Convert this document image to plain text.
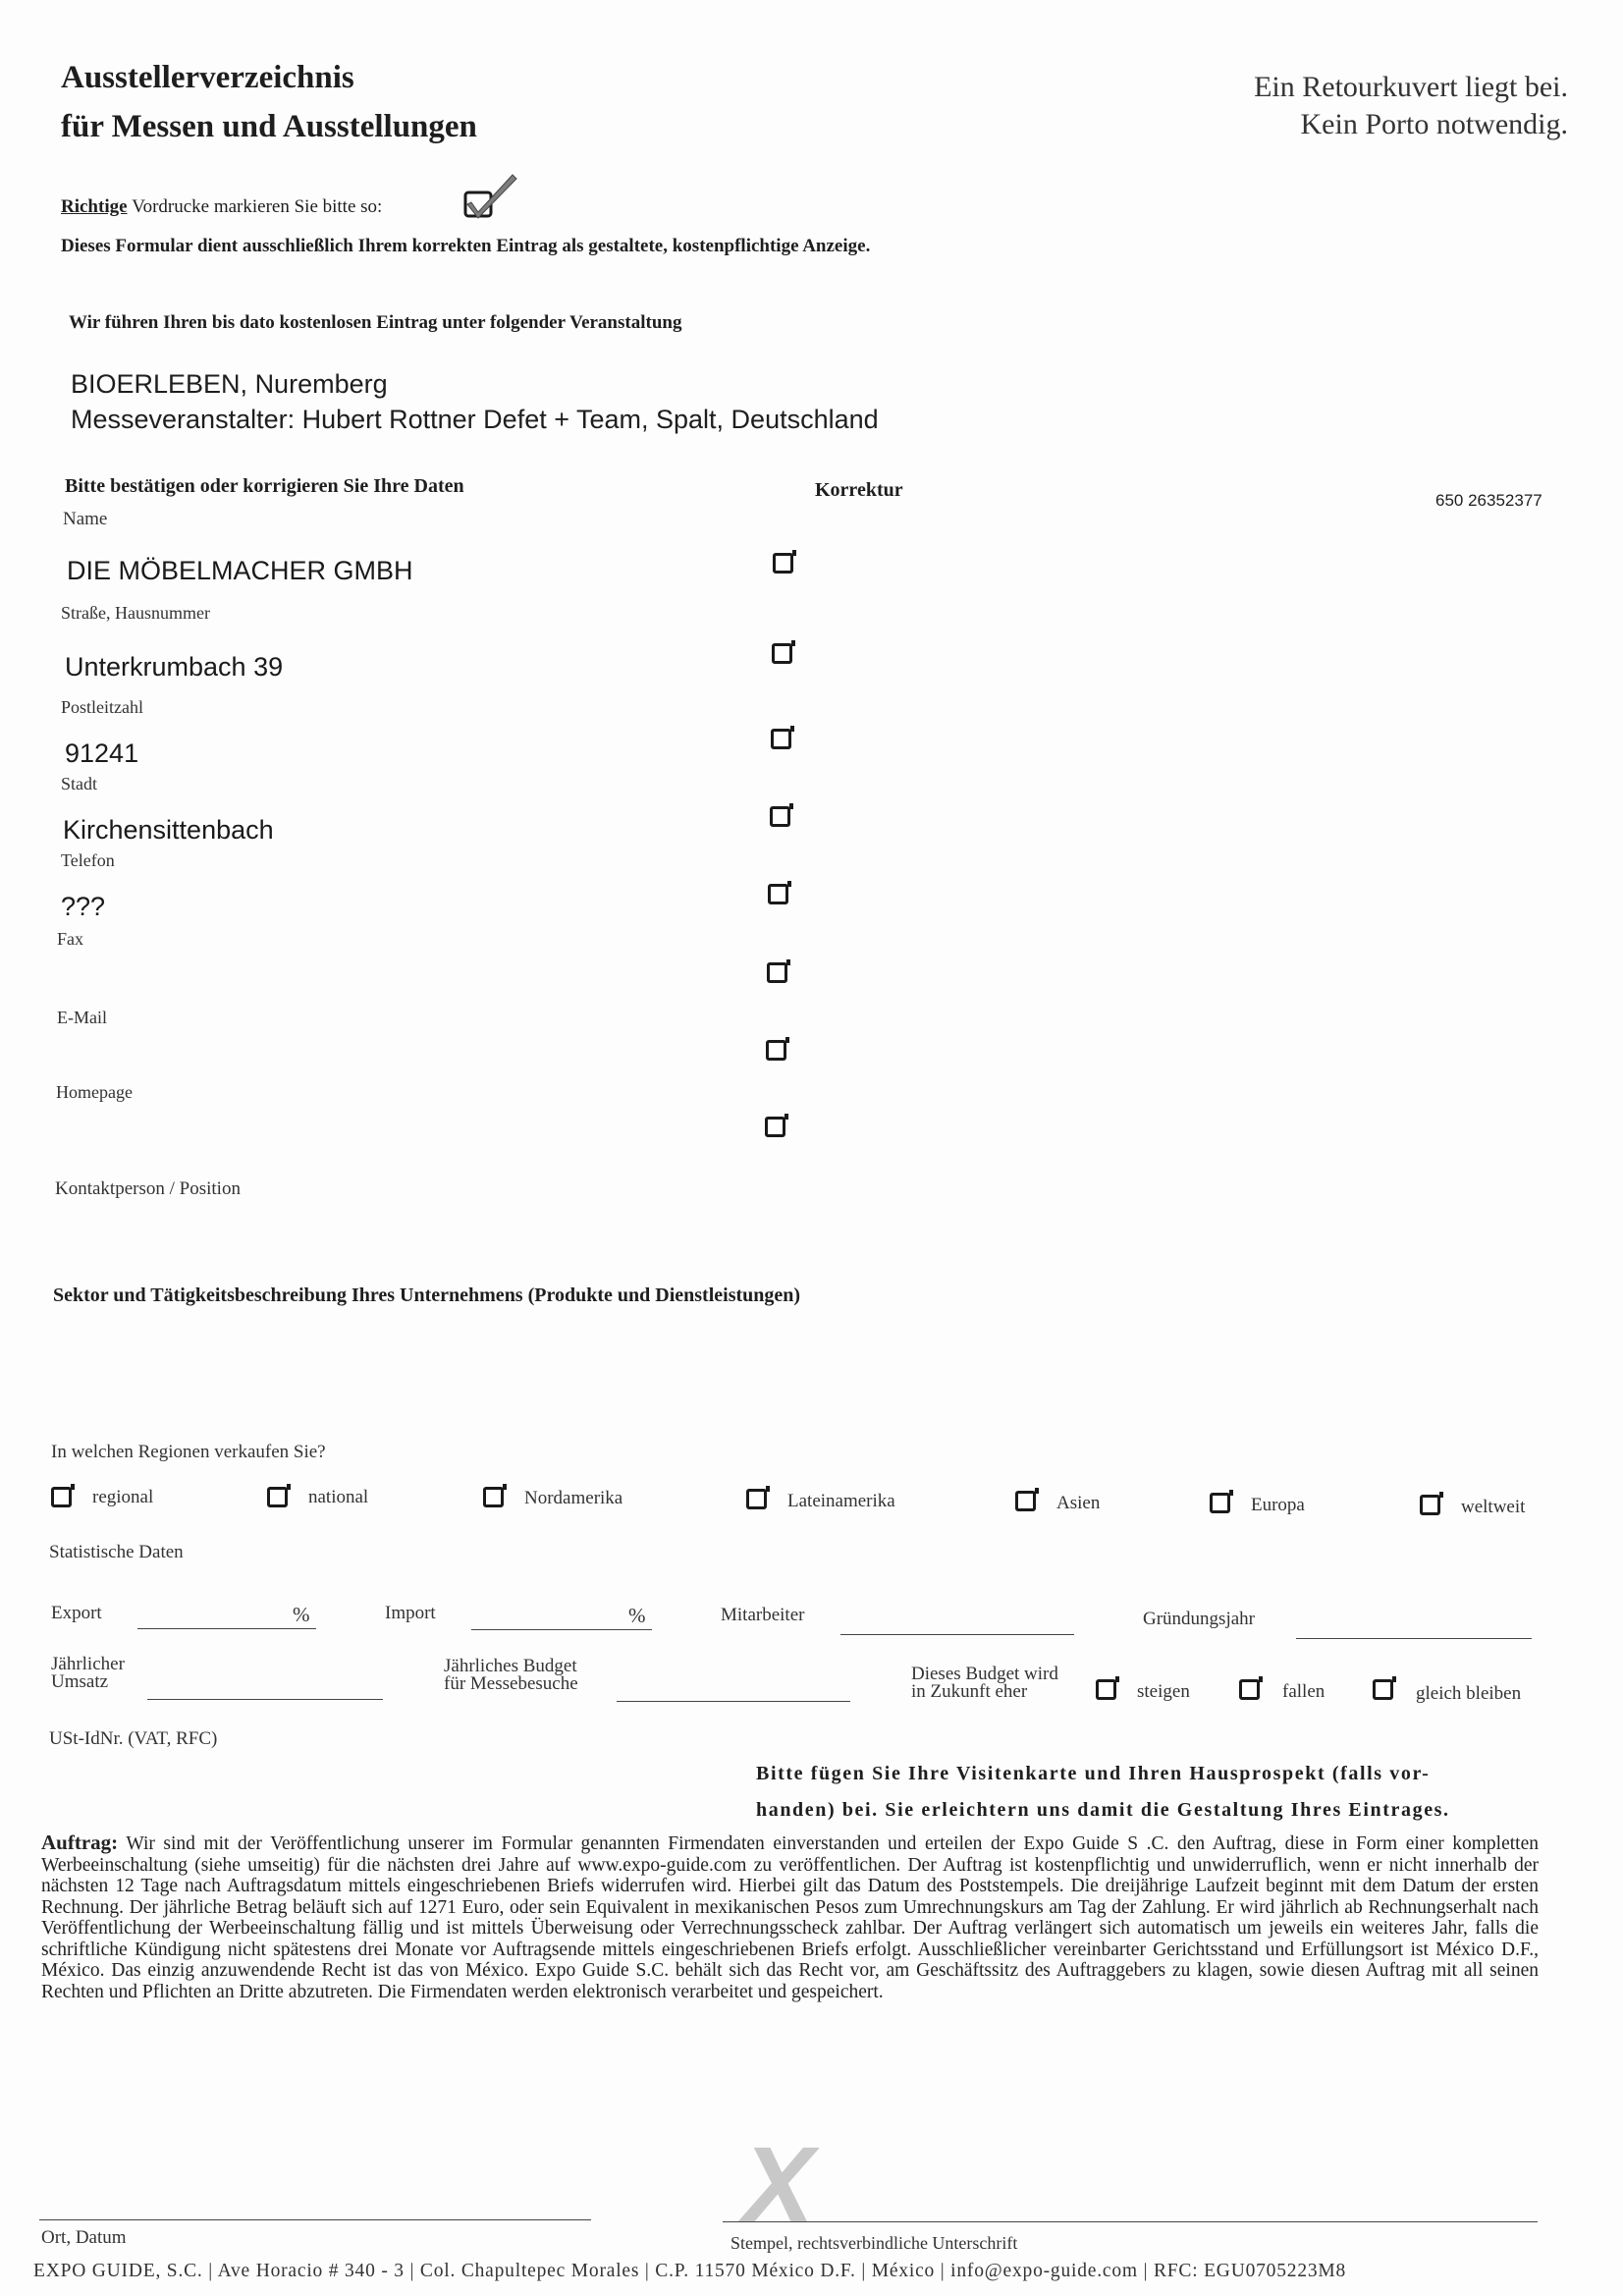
Ausstellerverzeichnis
für Messen und Ausstellungen
Ein Retourkuvert liegt bei.
Kein Porto notwendig.
Richtige Vordrucke markieren Sie bitte so:
Dieses Formular dient ausschließlich Ihrem korrekten Eintrag als gestaltete, kostenpflichtige Anzeige.
Wir führen Ihren bis dato kostenlosen Eintrag unter folgender Veranstaltung
BIOERLEBEN, Nuremberg
Messeveranstalter: Hubert Rottner Defet + Team, Spalt, Deutschland
Bitte bestätigen oder korrigieren Sie Ihre Daten	Korrektur	650 26352377
Name
DIE MÖBELMACHER GMBH
Straße, Hausnummer
Unterkrumbach 39
Postleitzahl
91241
Stadt
Kirchensittenbach
Telefon
???
Fax
E-Mail
Homepage
Kontaktperson / Position
Sektor und Tätigkeitsbeschreibung Ihres Unternehmens (Produkte und Dienstleistungen)
In welchen Regionen verkaufen Sie?
regional	national	Nordamerika	Lateinamerika	Asien	Europa	weltweit
Statistische Daten
Export	%	Import	%	Mitarbeiter	Gründungsjahr
Jährlicher
Umsatz
Jährliches Budget
für Messebesuche	Dieses Budget wird
in Zukunft eher	steigen	fallen	gleich bleiben
USt-IdNr. (VAT, RFC)
Bitte fügen Sie Ihre Visitenkarte und Ihren Hausprospekt (falls vor-
handen) bei. Sie erleichtern uns damit die Gestaltung Ihres Eintrages.
Auftrag: Wir sind mit der Veröffentlichung unserer im Formular genannten Firmendaten einverstanden und erteilen der Expo Guide S .C. den Auftrag, diese in Form einer kompletten Werbeeinschaltung (siehe umseitig) für die nächsten drei Jahre auf www.expo-guide.com zu veröffentlichen. Der Auftrag ist kostenpflichtig und unwiderruflich, wenn er nicht innerhalb der nächsten 12 Tage nach Auftragsdatum mittels eingeschriebenen Briefs widerrufen wird. Hierbei gilt das Datum des Poststempels. Die dreijährige Laufzeit beginnt mit dem Datum der ersten Rechnung. Der jährliche Betrag beläuft sich auf 1271 Euro, oder sein Equivalent in mexikanischen Pesos zum Umrechnungskurs am Tag der Zahlung. Er wird jährlich ab Rechnungserhalt nach Veröffentlichung der Werbeeinschaltung fällig und ist mittels Überweisung oder Verrechnungsscheck zahlbar. Der Auftrag verlängert sich automatisch um jeweils ein weiteres Jahr, falls die schriftliche Kündigung nicht spätestens drei Monate vor Auftragsende mittels eingeschriebenen Briefs erfolgt. Ausschließlicher vereinbarter Gerichtsstand und Erfüllungsort ist México D.F., México. Das einzig anzuwendende Recht ist das von México. Expo Guide S.C. behält sich das Recht vor, am Geschäftssitz des Auftraggebers zu klagen, sowie diesen Auftrag mit all seinen Rechten und Pflichten an Dritte abzutreten. Die Firmendaten werden elektronisch verarbeitet und gespeichert.
X
Ort, Datum	Stempel, rechtsverbindliche Unterschrift
EXPO GUIDE, S.C. | Ave Horacio # 340 - 3 | Col. Chapultepec Morales | C.P. 11570 México D.F. | México | info@expo-guide.com | RFC: EGU0705223M8
